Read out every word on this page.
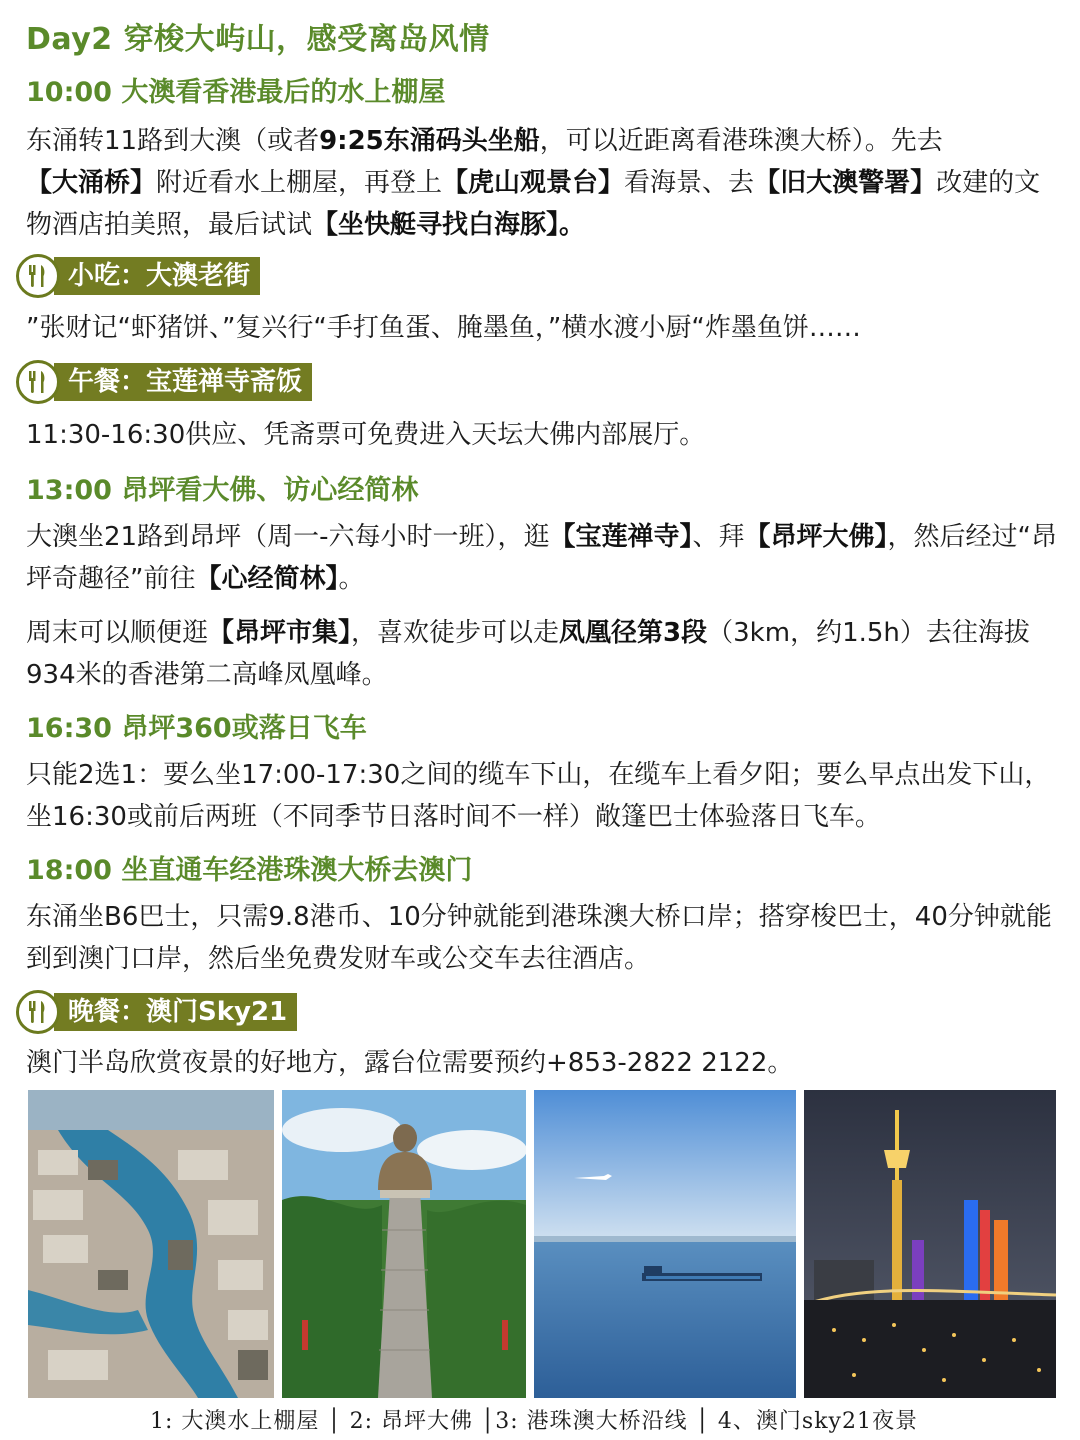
Day2 穿梭大屿山，感受离岛风情
10:00 大澳看香港最后的水上棚屋
东涌转11路到大澳（或者9:25东涌码头坐船，可以近距离看港珠澳大桥）。先去【大涌桥】附近看水上棚屋，再登上【虎山观景台】看海景、去【旧大澳警署】改建的文物酒店拍美照，最后试试【坐快艇寻找白海豚】。
小吃：大澳老街
”张财记“虾猪饼、”复兴行“手打鱼蛋、腌墨鱼，”横水渡小厨“炸墨鱼饼……
午餐：宝莲禅寺斋饭
11:30-16:30供应、凭斋票可免费进入天坛大佛内部展厅。
13:00 昂坪看大佛、访心经简林
大澳坐21路到昂坪（周一-六每小时一班），逛【宝莲禅寺】、拜【昂坪大佛】，然后经过“昂坪奇趣径”前往【心经简林】。
周末可以顺便逛【昂坪市集】，喜欢徒步可以走凤凰径第3段（3km，约1.5h）去往海拔934米的香港第二高峰凤凰峰。
16:30 昂坪360或落日飞车
只能2选1：要么坐17:00-17:30之间的缆车下山，在缆车上看夕阳；要么早点出发下山，坐16:30或前后两班（不同季节日落时间不一样）敞篷巴士体验落日飞车。
18:00 坐直通车经港珠澳大桥去澳门
东涌坐B6巴士，只需9.8港币、10分钟就能到港珠澳大桥口岸；搭穿梭巴士，40分钟就能到到澳门口岸，然后坐免费发财车或公交车去往酒店。
晚餐：澳门Sky21
澳门半岛欣赏夜景的好地方，露台位需要预约+853-2822 2122。
1: 大澳水上棚屋 │ 2: 昂坪大佛 │3: 港珠澳大桥沿线 │ 4、澳门sky21夜景
